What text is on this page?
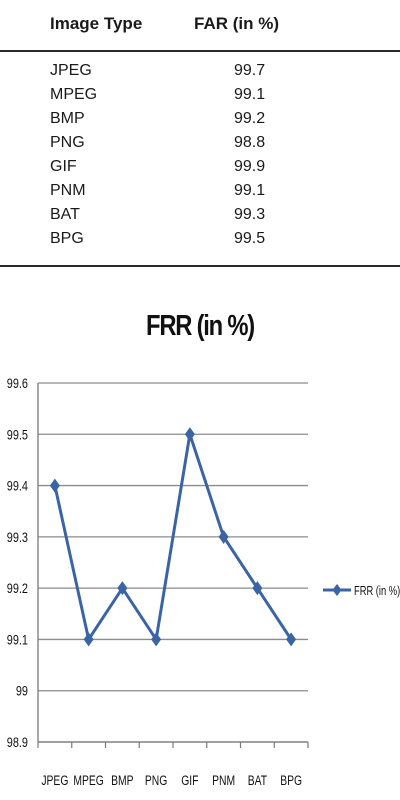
Image Type	FAR (in %)
JPEG	99.7
MPEG	99.1
BMP	99.2
PNG	98.8
GIF	99.9
PNM	99.1
BAT	99.3
BPG	99.5
FRR (in %)
98.9
99
99.1
99.2
99.3
99.4
99.5
99.6
JPEG MPEG BMP PNG GIF PNM BAT BPG
FRR (in %)
